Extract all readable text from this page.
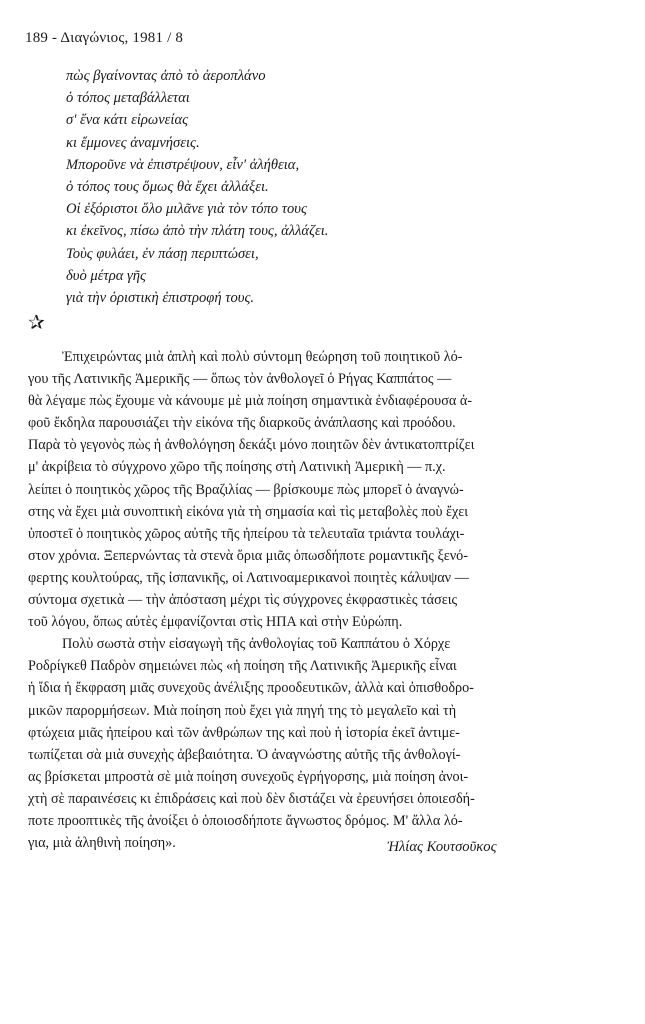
189 - Διαγώνιος, 1981 / 8
πὼς βγαίνοντας ἀπὸ τὸ ἀεροπλάνο
ὁ τόπος μεταβάλλεται
σ' ἕνα κάτι εἰρωνείας
κι ἔμμονες ἀναμνήσεις.
Μποροῦνε νὰ ἐπιστρέψουν, εἶν' ἀλήθεια,
ὁ τόπος τους ὅμως θὰ ἔχει ἀλλάξει.
Οἱ ἐξόριστοι ὅλο μιλᾶνε γιὰ τὸν τόπο τους
κι ἐκεῖνος, πίσω ἀπὸ τὴν πλάτη τους, ἀλλάζει.
Τοὺς φυλάει, ἐν πάσῃ περιπτώσει,
δυὸ μέτρα γῆς
γιὰ τὴν ὁριστικὴ ἐπιστροφή τους.
✰
Ἐπιχειρώντας μιὰ ἁπλὴ καὶ πολὺ σύντομη θεώρηση τοῦ ποιητικοῦ λό-
γου τῆς Λατινικῆς Ἀμερικῆς — ὅπως τὸν ἀνθολογεῖ ὁ Ρήγας Καππάτος —
θὰ λέγαμε πὼς ἔχουμε νὰ κάνουμε μὲ μιὰ ποίηση σημαντικὰ ἐνδιαφέρουσα ἀ-
φοῦ ἔκδηλα παρουσιάζει τὴν εἰκόνα τῆς διαρκοῦς ἀνάπλασης καὶ προόδου.
Παρὰ τὸ γεγονὸς πὼς ἡ ἀνθολόγηση δεκάξι μόνο ποιητῶν δὲν ἀντικατοπτρίζει
μ' ἀκρίβεια τὸ σύγχρονο χῶρο τῆς ποίησης στὴ Λατινικὴ Ἀμερικὴ — π.χ.
λείπει ὁ ποιητικὸς χῶρος τῆς Βραζιλίας — βρίσκουμε πὼς μπορεῖ ὁ ἀναγνώ-
στης νὰ ἔχει μιὰ συνοπτικὴ εἰκόνα γιὰ τὴ σημασία καὶ τὶς μεταβολὲς ποὺ ἔχει
ὑποστεῖ ὁ ποιητικὸς χῶρος αὐτῆς τῆς ἠπείρου τὰ τελευταῖα τριάντα τουλάχι-
στον χρόνια. Ξεπερνώντας τὰ στενὰ ὅρια μιᾶς ὁπωσδήποτε ρομαντικῆς ξενό-
φερτης κουλτούρας, τῆς ἰσπανικῆς, οἱ Λατινοαμερικανοὶ ποιητὲς κάλυψαν —
σύντομα σχετικὰ — τὴν ἀπόσταση μέχρι τὶς σύγχρονες ἐκφραστικὲς τάσεις
τοῦ λόγου, ὅπως αὐτὲς ἐμφανίζονται στὶς ΗΠΑ καὶ στὴν Εὐρώπη.
Πολὺ σωστὰ στὴν εἰσαγωγὴ τῆς ἀνθολογίας τοῦ Καππάτου ὁ Χόρχε
Ροδρίγκεθ Παδρὸν σημειώνει πὼς «ἡ ποίηση τῆς Λατινικῆς Ἀμερικῆς εἶναι
ἡ ἴδια ἡ ἔκφραση μιᾶς συνεχοῦς ἀνέλιξης προοδευτικῶν, ἀλλὰ καὶ ὀπισθοδρο-
μικῶν παρορμήσεων. Μιὰ ποίηση ποὺ ἔχει γιὰ πηγή της τὸ μεγαλεῖο καὶ τὴ
φτώχεια μιᾶς ἠπείρου καὶ τῶν ἀνθρώπων της καὶ ποὺ ἡ ἱστορία ἐκεῖ ἀντιμε-
τωπίζεται σὰ μιὰ συνεχὴς ἀβεβαιότητα. Ὁ ἀναγνώστης αὐτῆς τῆς ἀνθολογί-
ας βρίσκεται μπροστὰ σὲ μιὰ ποίηση συνεχοῦς ἐγρήγορσης, μιὰ ποίηση ἀνοι-
χτὴ σὲ παραινέσεις κι ἐπιδράσεις καὶ ποὺ δὲν διστάζει νὰ ἐρευνήσει ὁποιεσδή-
ποτε προοπτικὲς τῆς ἀνοίξει ὁ ὁποιοσδήποτε ἄγνωστος δρόμος. Μ' ἄλλα λό-
για, μιὰ ἀληθινὴ ποίηση».	Ἠλίας Κουτσοῦκος
